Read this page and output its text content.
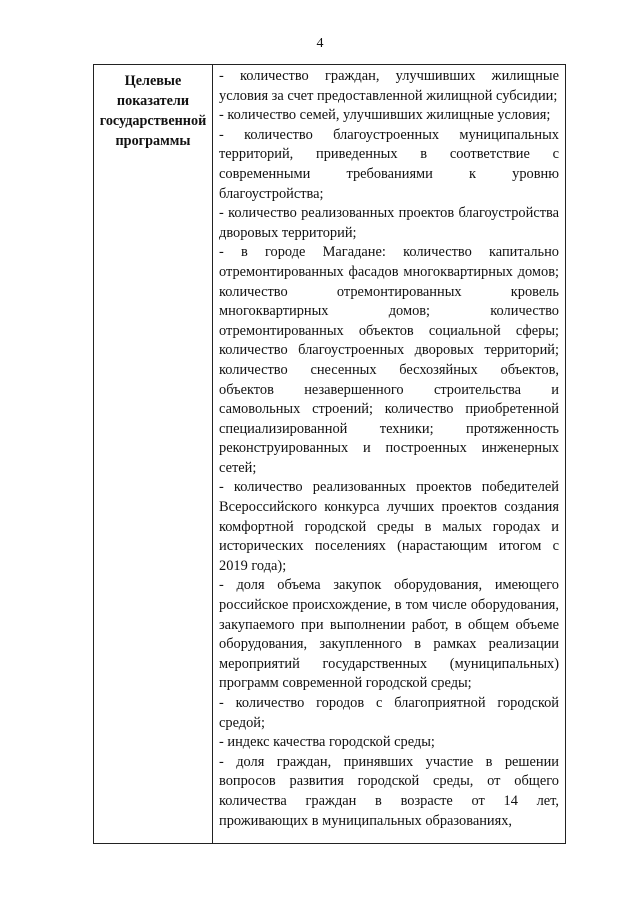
4
Целевые
показатели
государственной
программы
- количество граждан, улучшивших жилищные условия за счет предоставленной жилищной субсидии;
- количество семей, улучшивших жилищные условия;
- количество благоустроенных муниципальных территорий, приведенных в соответствие с современными требованиями к уровню благоустройства;
- количество реализованных проектов благоустройства дворовых территорий;
- в городе Магадане: количество капитально отремонтированных фасадов многоквартирных домов; количество отремонтированных кровель многоквартирных домов; количество отремонтированных объектов социальной сферы; количество благоустроенных дворовых территорий; количество снесенных бесхозяйных объектов, объектов незавершенного строительства и самовольных строений; количество приобретенной специализированной техники; протяженность реконструированных и построенных инженерных сетей;
- количество реализованных проектов победителей Всероссийского конкурса лучших проектов создания комфортной городской среды в малых городах и исторических поселениях (нарастающим итогом с 2019 года);
- доля объема закупок оборудования, имеющего российское происхождение, в том числе оборудования, закупаемого при выполнении работ, в общем объеме оборудования, закупленного в рамках реализации мероприятий государственных (муниципальных) программ современной городской среды;
- количество городов с благоприятной городской средой;
- индекс качества городской среды;
- доля граждан, принявших участие в решении вопросов развития городской среды, от общего количества граждан в возрасте от 14 лет, проживающих в муниципальных образованиях,
